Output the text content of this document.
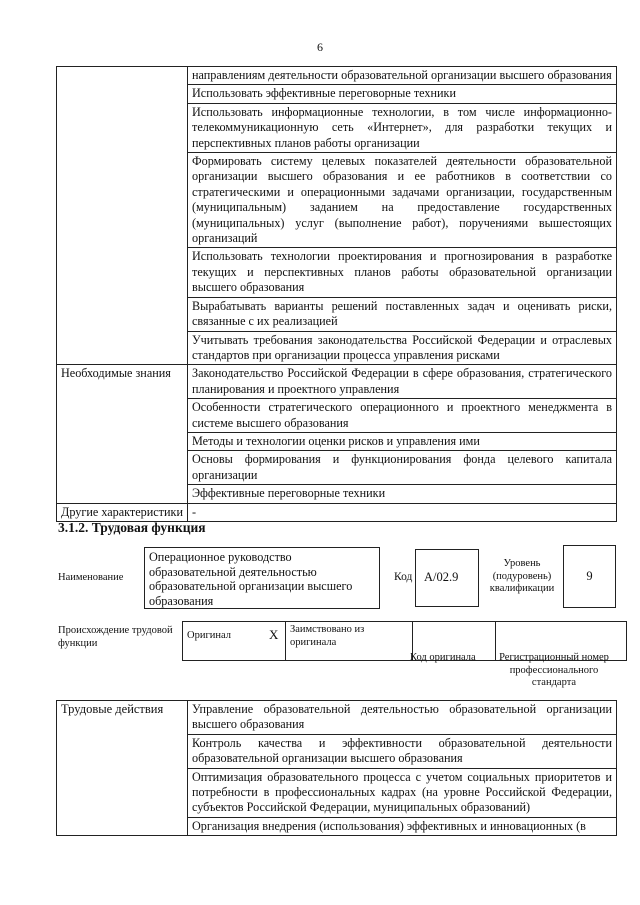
6
	направлениям деятельности образовательной организации высшего образования
	Использовать эффективные переговорные техники
	Использовать информационные технологии, в том числе информационно-телекоммуникационную сеть «Интернет», для разработки текущих и перспективных планов работы организации
	Формировать систему целевых показателей деятельности образовательной организации высшего образования и ее работников в соответствии со стратегическими и операционными задачами организации, государственным (муниципальным) заданием на предоставление государственных (муниципальных) услуг (выполнение работ), поручениями вышестоящих организаций
	Использовать технологии проектирования и прогнозирования в разработке текущих и перспективных планов работы образовательной организации высшего образования
	Вырабатывать варианты решений поставленных задач и оценивать риски, связанные с их реализацией
	Учитывать требования законодательства Российской Федерации и отраслевых стандартов при организации процесса управления рисками
Необходимые знания	Законодательство Российской Федерации в сфере образования, стратегического планирования и проектного управления
	Особенности стратегического операционного и проектного менеджмента в системе высшего образования
	Методы и технологии оценки рисков и управления ими
	Основы формирования и функционирования фонда целевого капитала организации
	Эффективные переговорные техники
Другие характеристики	-
3.1.2. Трудовая функция
Наименование
Операционное руководство образовательной деятельностью образовательной организации высшего образования
Код A/02.9
Уровень (подуровень) квалификации
9
Происхождение трудовой функции
Оригинал	X	Заимствовано из оригинала		
Код оригинала	Регистрационный номер профессионального стандарта
Трудовые действия	Управление образовательной деятельностью образовательной организации высшего образования
Контроль качества и эффективности образовательной деятельности образовательной организации высшего образования
Оптимизация образовательного процесса с учетом социальных приоритетов и потребности в профессиональных кадрах (на уровне Российской Федерации, субъектов Российской Федерации, муниципальных образований)
Организация внедрения (использования) эффективных и инновационных (в
